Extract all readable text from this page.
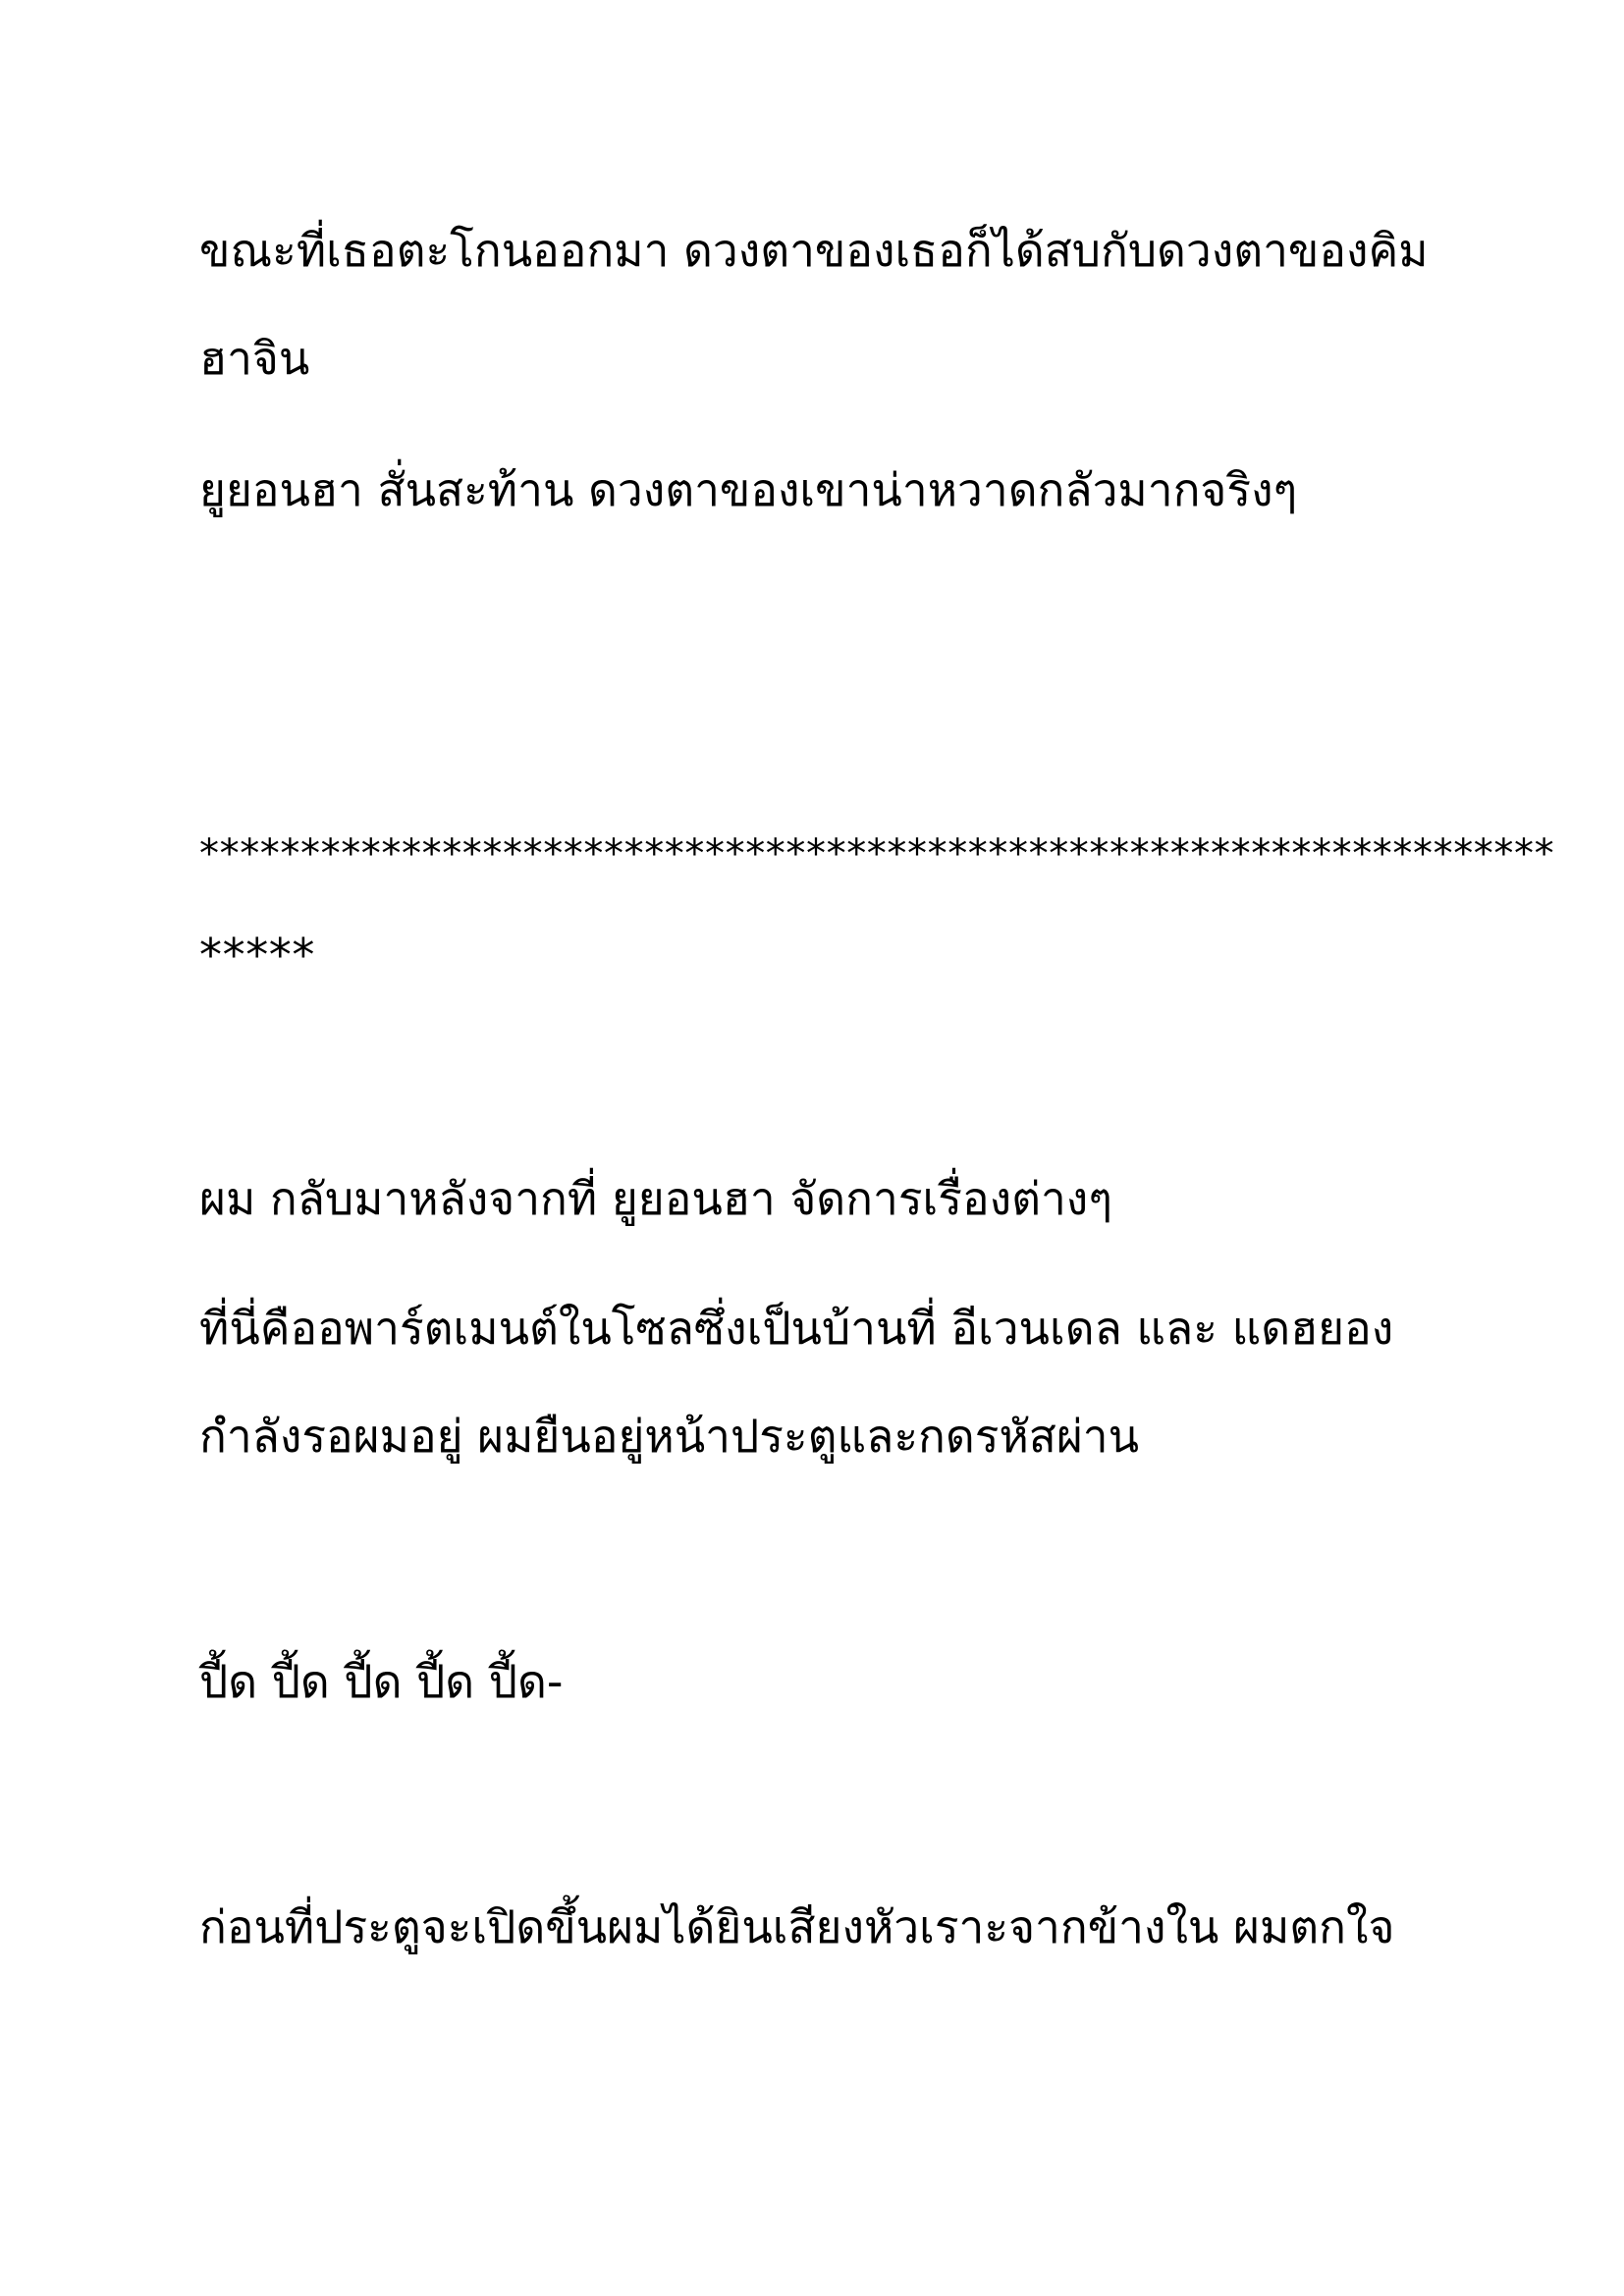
ขณะที่เธอตะโกนออกมา ดวงตาของเธอก็ได้สบกับดวงตาของคิม
ฮาจิน
ยูยอนฮา สั่นสะท้าน ดวงตาของเขาน่าหวาดกลัวมากจริงๆ
*******************************************************************
*****
ผม กลับมาหลังจากที่ ยูยอนฮา จัดการเรื่องต่างๆ
ที่นี่คืออพาร์ตเมนต์ในโซลซึ่งเป็นบ้านที่ อีเวนเดล และ แดฮยอง
กำลังรอผมอยู่ ผมยืนอยู่หน้าประตูและกดรหัสผ่าน
ปี้ด ปี้ด ปี้ด ปี้ด ปี้ด-
ก่อนที่ประตูจะเปิดขึ้นผมได้ยินเสียงหัวเราะจากข้างใน ผมตกใจ
